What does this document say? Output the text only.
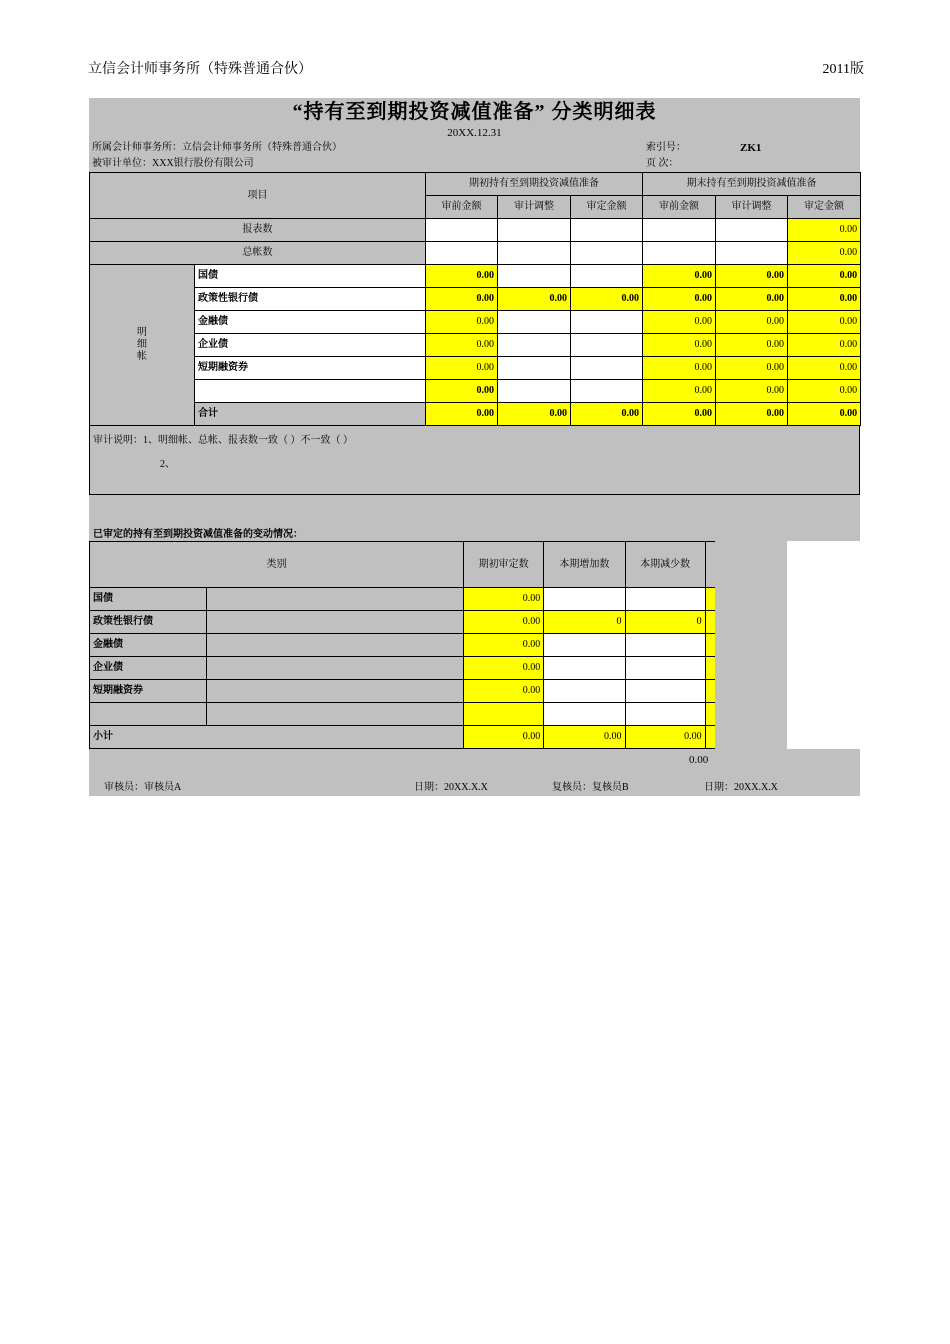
立信会计师事务所（特殊普通合伙）	2011版
“持有至到期投资减值准备” 分类明细表
20XX.12.31
所属会计师事务所：立信会计师事务所（特殊普通合伙）	索引号：	ZK1
被审计单位：XXX银行股份有限公司	页 次：
项目		期初持有至到期投资减值准备			期末持有至到期投资减值准备		
		审前金额	审计调整	审定金额	审前金额	审计调整	审定金额
报表数							0.00
总帐数							0.00
明
细
帐	国债	0.00			0.00	0.00	0.00
	政策性银行债	0.00	0.00	0.00	0.00	0.00	0.00
	金融债	0.00			0.00	0.00	0.00
	企业债	0.00			0.00	0.00	0.00
	短期融资券	0.00			0.00	0.00	0.00
		0.00			0.00	0.00	0.00
	合计	0.00	0.00	0.00	0.00	0.00	0.00
审计说明：1、明细帐、总帐、报表数一致（ ）不一致（ ）
2、
已审定的持有至到期投资减值准备的变动情况：
类别		期初审定数	本期增加数	本期减少数	
国债		0.00			
政策性银行债		0.00	0	0	
金融债		0.00			
企业债		0.00			
短期融资券		0.00			

小计		0.00	0.00	0.00	
0.00
审核员：审核员A	日期：20XX.X.X	复核员：复核员B	日期：20XX.X.X
